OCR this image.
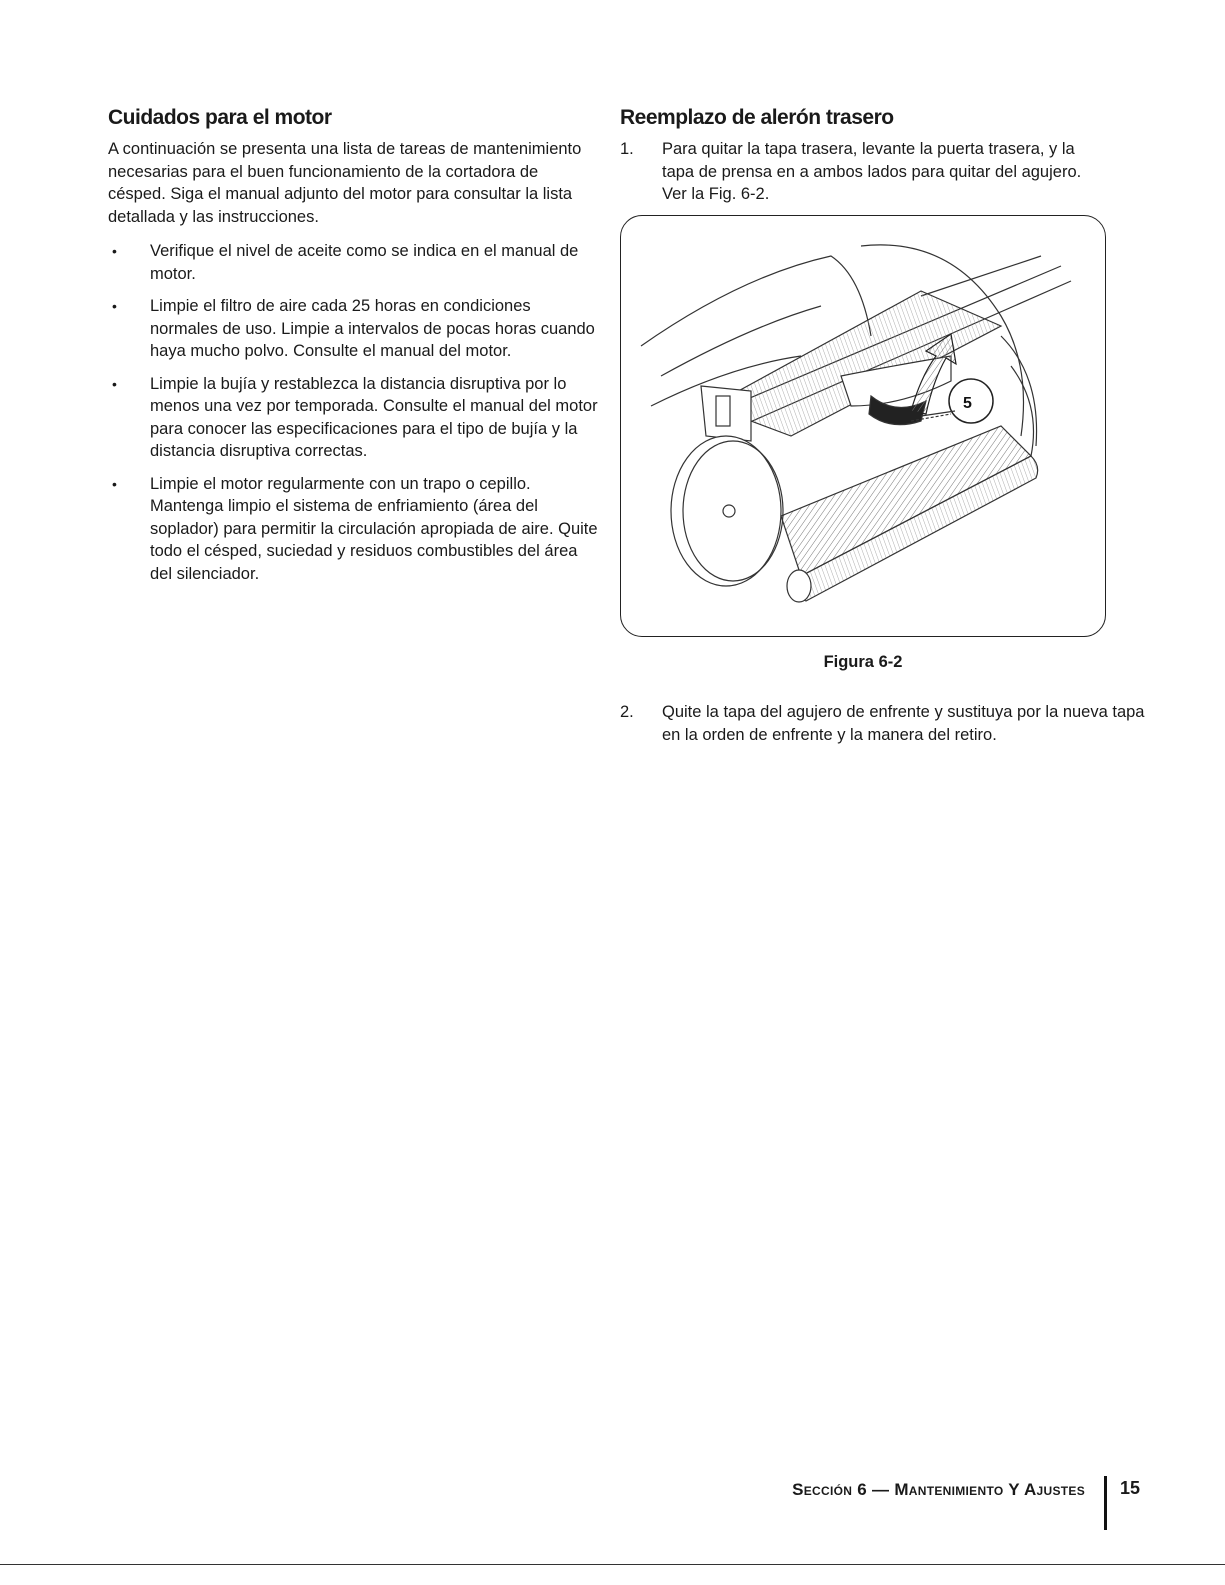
Cuidados para el motor

A continuación se presenta una lista de tareas de mantenimiento necesarias para el buen funcionamiento de la cortadora de césped. Siga el manual adjunto del motor para consultar la lista detallada y las instrucciones.

• Verifique el nivel de aceite como se indica en el manual de motor.
• Limpie el filtro de aire cada 25 horas en condiciones normales de uso. Limpie a intervalos de pocas horas cuando haya mucho polvo. Consulte el manual del motor.
• Limpie la bujía y restablezca la distancia disruptiva por lo menos una vez por temporada. Consulte el manual del motor para conocer las especificaciones para el tipo de bujía y la distancia disruptiva correctas.
• Limpie el motor regularmente con un trapo o cepillo. Mantenga limpio el sistema de enfriamiento (área del soplador) para permitir la circulación apropiada de aire. Quite todo el césped, suciedad y residuos combustibles del área del silenciador.
Reemplazo de alerón trasero
1. Para quitar la tapa trasera, levante la puerta trasera, y la tapa de prensa en a ambos lados para quitar del agujero. Ver la Fig. 6-2.
5
Figura 6-2
2. Quite la tapa del agujero de enfrente y sustituya por la nueva tapa en la orden de enfrente y la manera del retiro.
Sección 6 — Mantenimiento Y Ajustes 15
